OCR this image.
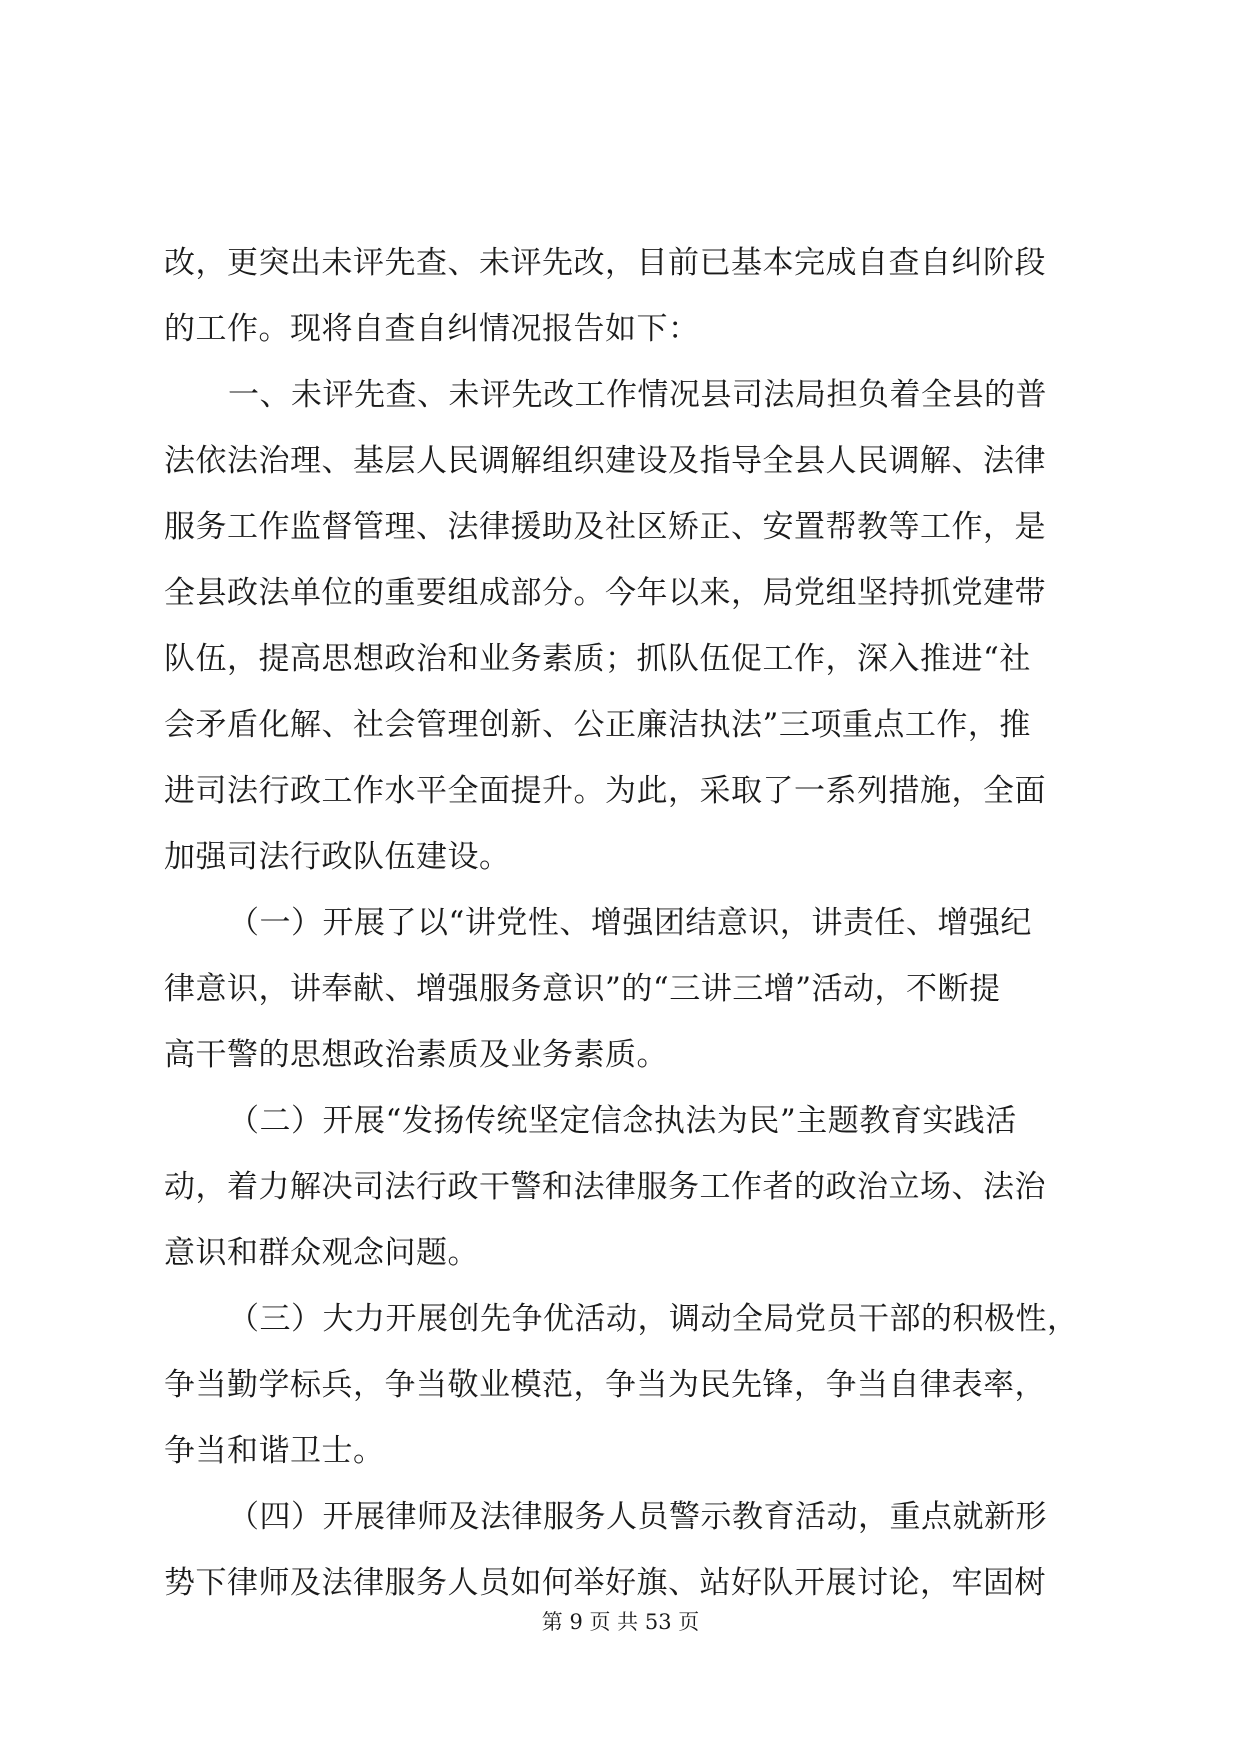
改，更突出未评先查、未评先改，目前已基本完成自查自纠阶段
的工作。现将自查自纠情况报告如下：
一、未评先查、未评先改工作情况县司法局担负着全县的普
法依法治理、基层人民调解组织建设及指导全县人民调解、法律
服务工作监督管理、法律援助及社区矫正、安置帮教等工作，是
全县政法单位的重要组成部分。今年以来，局党组坚持抓党建带
队伍，提高思想政治和业务素质；抓队伍促工作，深入推进“社
会矛盾化解、社会管理创新、公正廉洁执法”三项重点工作，推
进司法行政工作水平全面提升。为此，采取了一系列措施，全面
加强司法行政队伍建设。
（一）开展了以“讲党性、增强团结意识，讲责任、增强纪
律意识，讲奉献、增强服务意识”的“三讲三增”活动，不断提
高干警的思想政治素质及业务素质。
（二）开展“发扬传统坚定信念执法为民”主题教育实践活
动，着力解决司法行政干警和法律服务工作者的政治立场、法治
意识和群众观念问题。
（三）大力开展创先争优活动，调动全局党员干部的积极性，
争当勤学标兵，争当敬业模范，争当为民先锋，争当自律表率，
争当和谐卫士。
（四）开展律师及法律服务人员警示教育活动，重点就新形
势下律师及法律服务人员如何举好旗、站好队开展讨论，牢固树
第 9 页 共 53 页
